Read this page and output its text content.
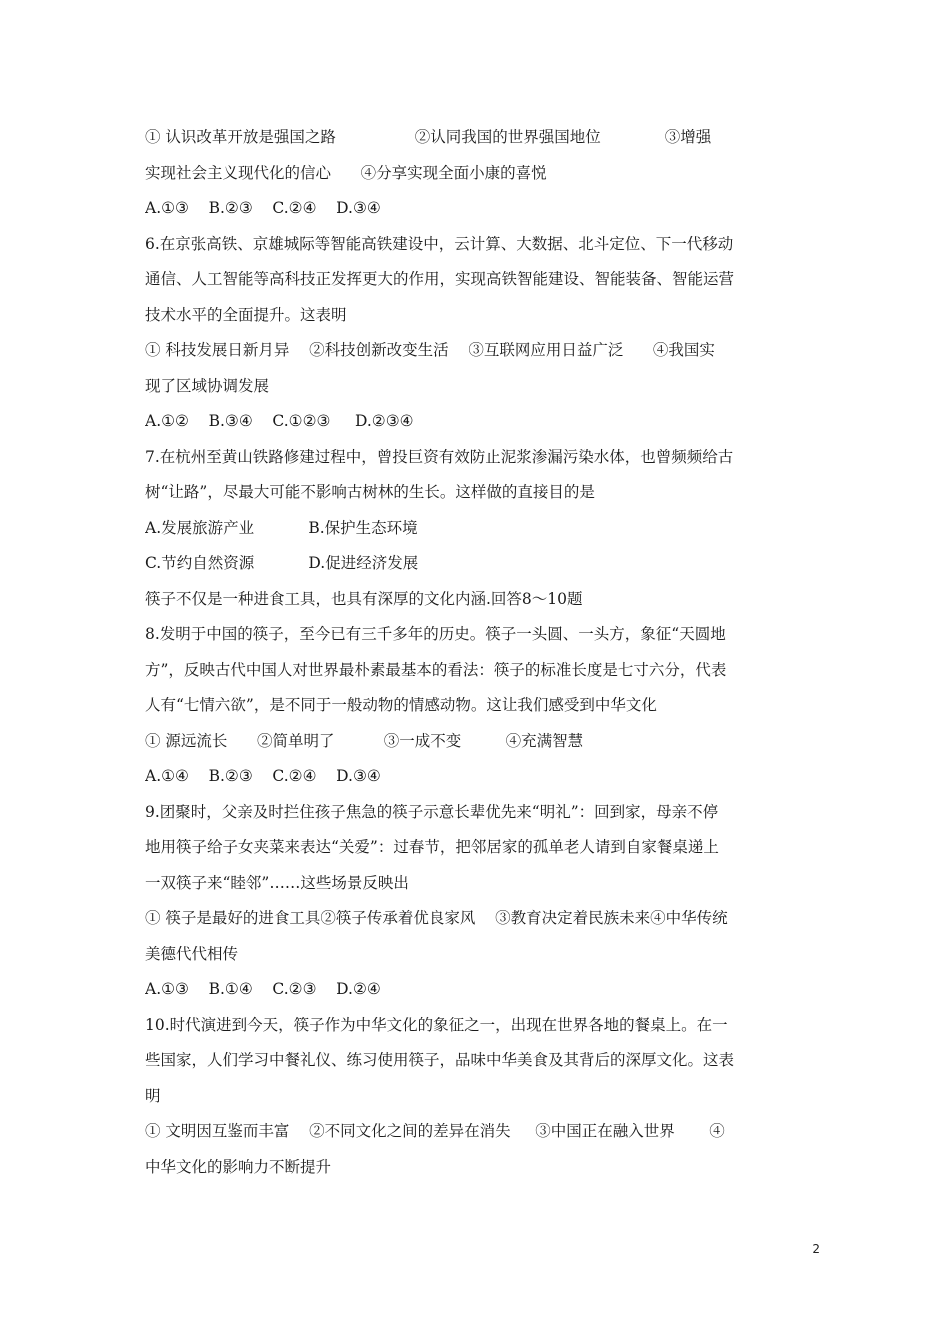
① 认识改革开放是强国之路                ②认同我国的世界强国地位             ③增强
实现社会主义现代化的信心      ④分享实现全面小康的喜悦
A.①③    B.②③    C.②④    D.③④
6.在京张高铁、京雄城际等智能高铁建设中，云计算、大数据、北斗定位、下一代移动
通信、人工智能等高科技正发挥更大的作用，实现高铁智能建设、智能装备、智能运营
技术水平的全面提升。这表明
① 科技发展日新月异    ②科技创新改变生活    ③互联网应用日益广泛      ④我国实
现了区域协调发展
A.①②    B.③④    C.①②③     D.②③④
7.在杭州至黄山铁路修建过程中，曾投巨资有效防止泥浆渗漏污染水体，也曾频频给古
树“让路”，尽最大可能不影响古树林的生长。这样做的直接目的是
A.发展旅游产业           B.保护生态环境
C.节约自然资源           D.促进经济发展
筷子不仅是一种进食工具，也具有深厚的文化内涵.回答8～10题
8.发明于中国的筷子，至今已有三千多年的历史。筷子一头圆、一头方，象征“天圆地
方”，反映古代中国人对世界最朴素最基本的看法：筷子的标准长度是七寸六分，代表
人有“七情六欲”，是不同于一般动物的情感动物。这让我们感受到中华文化
① 源远流长      ②简单明了          ③一成不变         ④充满智慧
A.①④    B.②③    C.②④    D.③④
9.团聚时，父亲及时拦住孩子焦急的筷子示意长辈优先来“明礼”：回到家，母亲不停
地用筷子给子女夹菜来表达“关爱”：过春节，把邻居家的孤单老人请到自家餐桌递上
一双筷子来“睦邻”……这些场景反映出
① 筷子是最好的进食工具②筷子传承着优良家风    ③教育决定着民族未来④中华传统
美德代代相传
A.①③    B.①④    C.②③    D.②④
10.时代演进到今天，筷子作为中华文化的象征之一，出现在世界各地的餐桌上。在一
些国家，人们学习中餐礼仪、练习使用筷子，品味中华美食及其背后的深厚文化。这表
明
① 文明因互鉴而丰富    ②不同文化之间的差异在消失     ③中国正在融入世界       ④
中华文化的影响力不断提升
2
